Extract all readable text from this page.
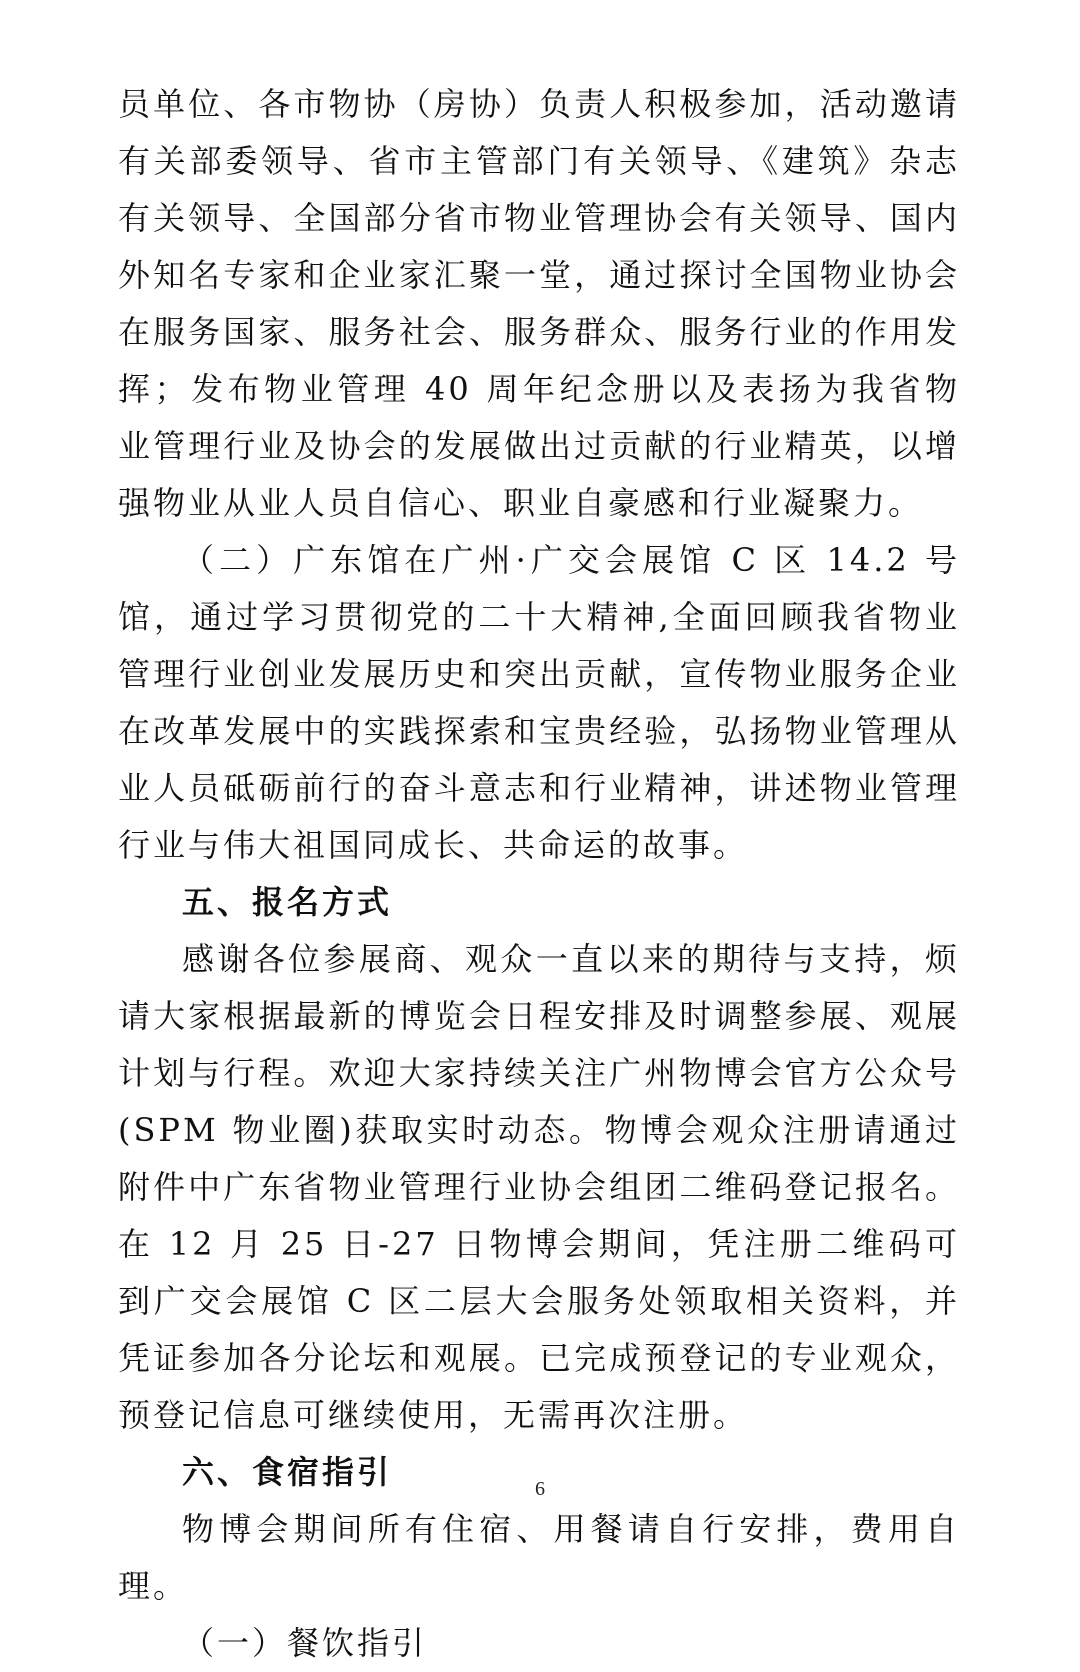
员单位、各市物协（房协）负责人积极参加，活动邀请有关部委领导、省市主管部门有关领导、《建筑》杂志有关领导、全国部分省市物业管理协会有关领导、国内外知名专家和企业家汇聚一堂，通过探讨全国物业协会在服务国家、服务社会、服务群众、服务行业的作用发挥；发布物业管理 40 周年纪念册以及表扬为我省物业管理行业及协会的发展做出过贡献的行业精英，以增强物业从业人员自信心、职业自豪感和行业凝聚力。

（二）广东馆在广州·广交会展馆 C 区 14.2 号馆，通过学习贯彻党的二十大精神,全面回顾我省物业管理行业创业发展历史和突出贡献，宣传物业服务企业在改革发展中的实践探索和宝贵经验，弘扬物业管理从业人员砥砺前行的奋斗意志和行业精神，讲述物业管理行业与伟大祖国同成长、共命运的故事。

五、报名方式

感谢各位参展商、观众一直以来的期待与支持，烦请大家根据最新的博览会日程安排及时调整参展、观展计划与行程。欢迎大家持续关注广州物博会官方公众号(SPM 物业圈)获取实时动态。物博会观众注册请通过附件中广东省物业管理行业协会组团二维码登记报名。在 12 月 25 日-27 日物博会期间，凭注册二维码可到广交会展馆 C 区二层大会服务处领取相关资料，并凭证参加各分论坛和观展。已完成预登记的专业观众，预登记信息可继续使用，无需再次注册。

六、食宿指引

物博会期间所有住宿、用餐请自行安排，费用自理。

（一）餐饮指引

6
